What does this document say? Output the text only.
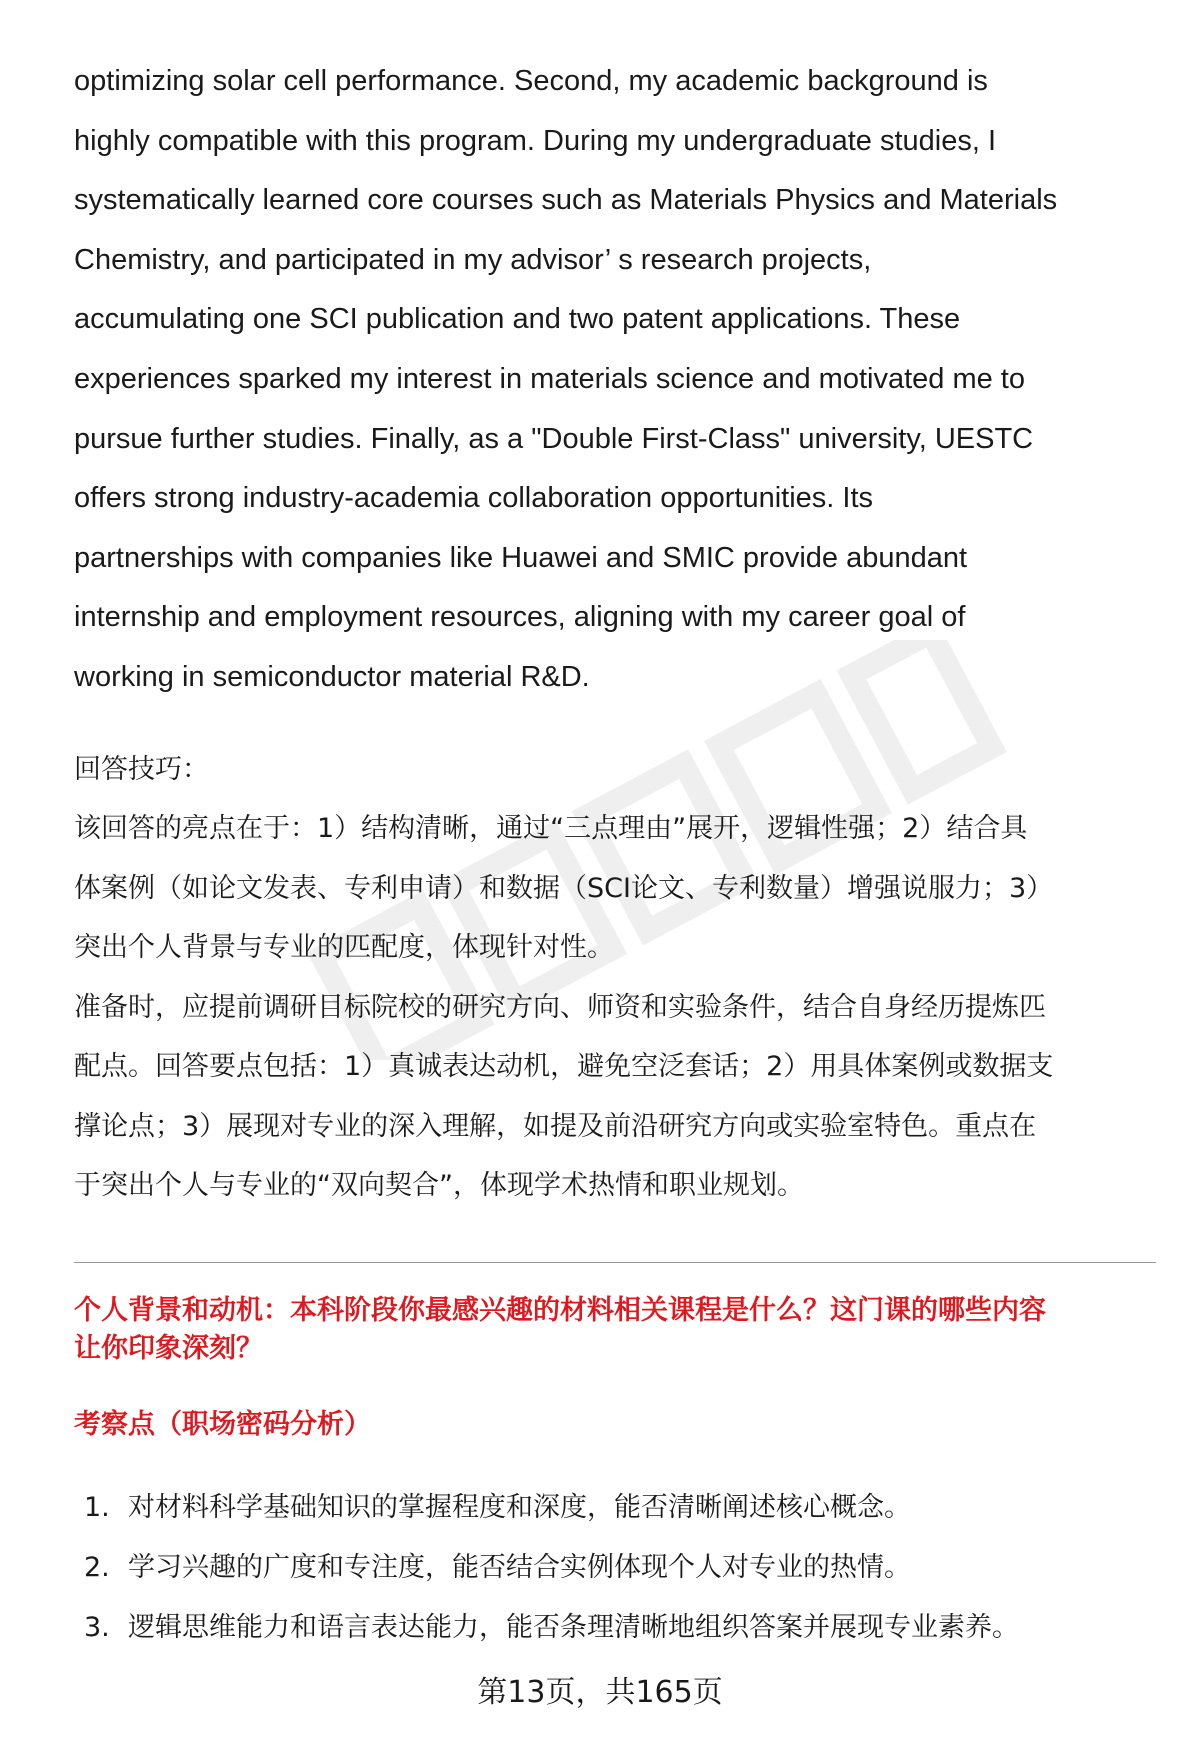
optimizing solar cell performance. Second, my academic background is
highly compatible with this program. During my undergraduate studies, I
systematically learned core courses such as Materials Physics and Materials
Chemistry, and participated in my advisor’ s research projects,
accumulating one SCI publication and two patent applications. These
experiences sparked my interest in materials science and motivated me to
pursue further studies. Finally, as a "Double First-Class" university, UESTC
offers strong industry-academia collaboration opportunities. Its
partnerships with companies like Huawei and SMIC provide abundant
internship and employment resources, aligning with my career goal of
working in semiconductor material R&D.

回答技巧：
该回答的亮点在于：1）结构清晰，通过“三点理由”展开，逻辑性强；2）结合具
体案例（如论文发表、专利申请）和数据（SCI论文、专利数量）增强说服力；3）
突出个人背景与专业的匹配度，体现针对性。
准备时，应提前调研目标院校的研究方向、师资和实验条件，结合自身经历提炼匹
配点。回答要点包括：1）真诚表达动机，避免空泛套话；2）用具体案例或数据支
撑论点；3）展现对专业的深入理解，如提及前沿研究方向或实验室特色。重点在
于突出个人与专业的“双向契合”，体现学术热情和职业规划。
个人背景和动机：本科阶段你最感兴趣的材料相关课程是什么？这门课的哪些内容
让你印象深刻？
考察点（职场密码分析）
1. 对材料科学基础知识的掌握程度和深度，能否清晰阐述核心概念。
2. 学习兴趣的广度和专注度，能否结合实例体现个人对专业的热情。
3. 逻辑思维能力和语言表达能力，能否条理清晰地组织答案并展现专业素养。
第13页，共165页
